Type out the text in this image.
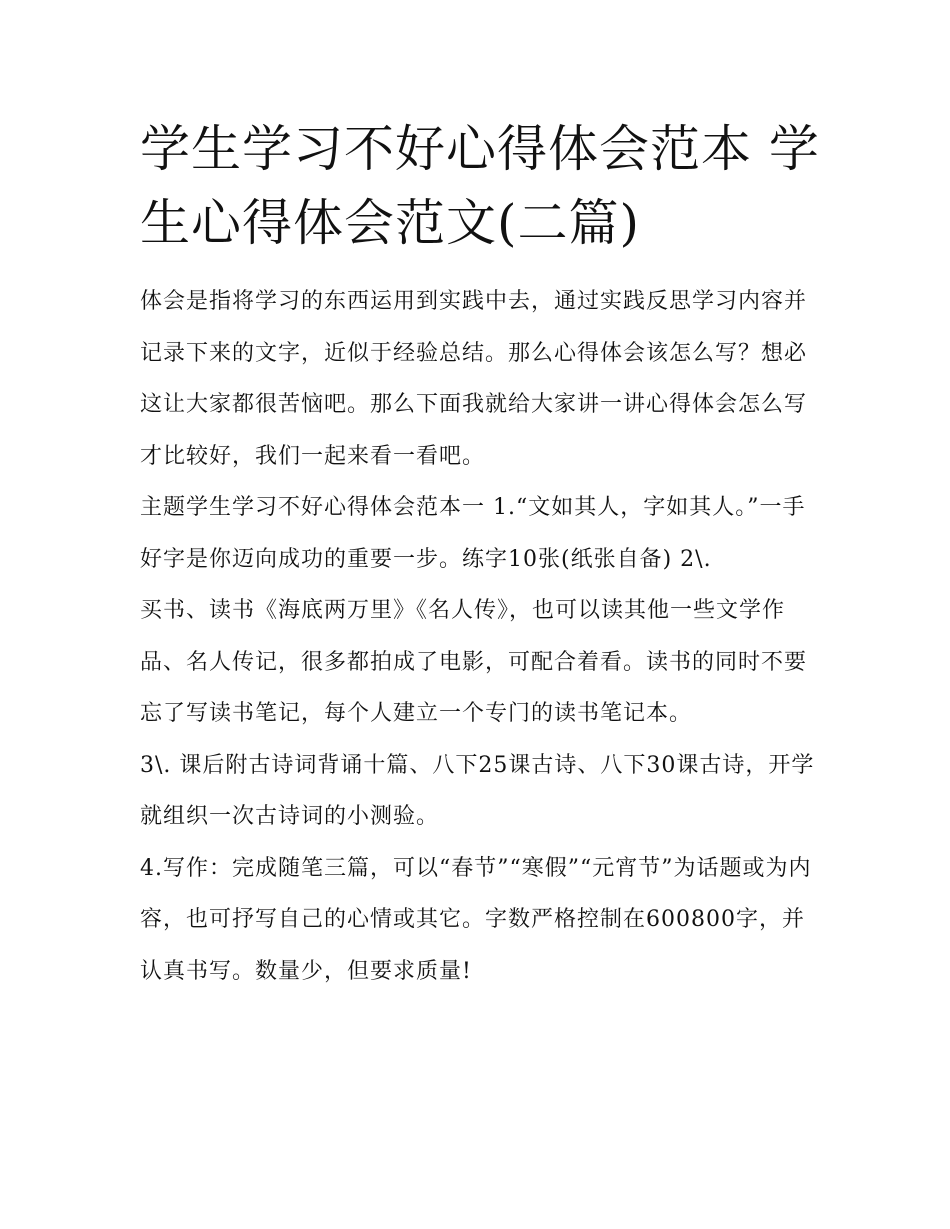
学生学习不好心得体会范本 学生心得体会范文(二篇)

体会是指将学习的东西运用到实践中去，通过实践反思学习内容并记录下来的文字，近似于经验总结。那么心得体会该怎么写？想必这让大家都很苦恼吧。那么下面我就给大家讲一讲心得体会怎么写才比较好，我们一起来看一看吧。

主题学生学习不好心得体会范本一 1.“文如其人，字如其人。”一手好字是你迈向成功的重要一步。练字10张(纸张自备) 2\.

买书、读书《海底两万里》《名人传》，也可以读其他一些文学作品、名人传记，很多都拍成了电影，可配合着看。读书的同时不要忘了写读书笔记，每个人建立一个专门的读书笔记本。

3\. 课后附古诗词背诵十篇、八下25课古诗、八下30课古诗，开学就组织一次古诗词的小测验。

4.写作：完成随笔三篇，可以“春节”“寒假”“元宵节”为话题或为内容，也可抒写自己的心情或其它。字数严格控制在600800字，并认真书写。数量少，但要求质量!
